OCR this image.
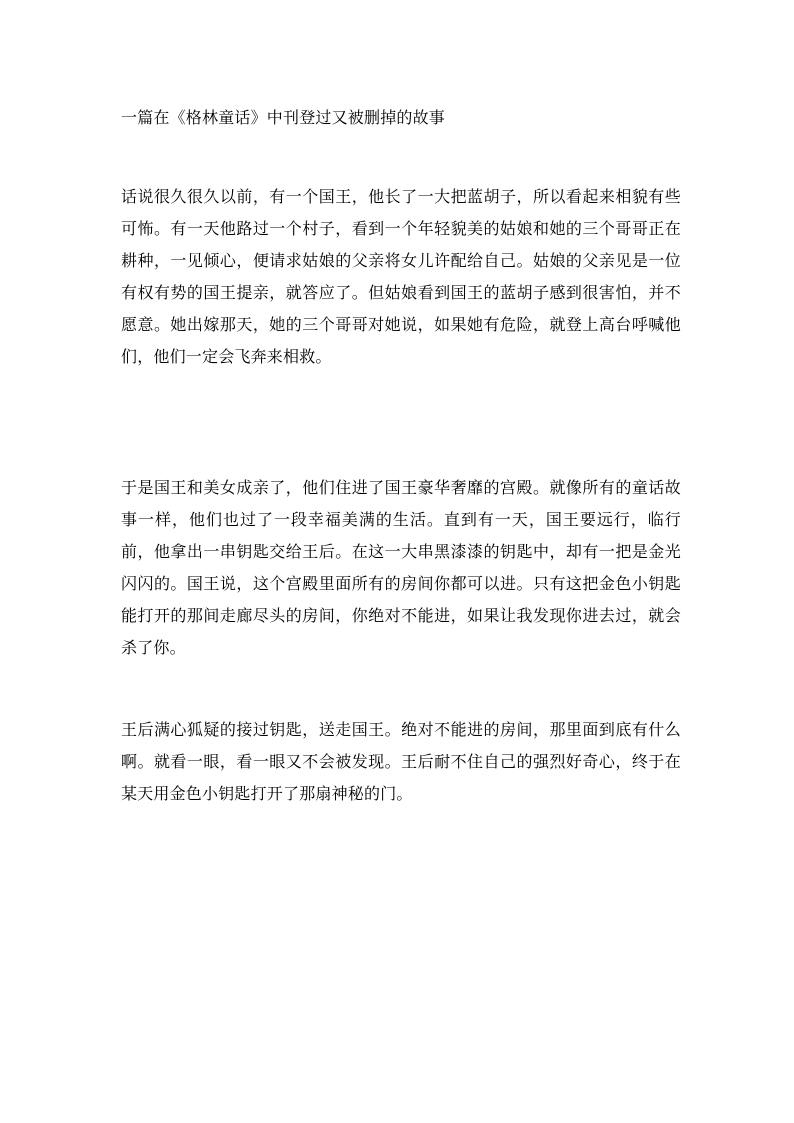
一篇在《格林童话》中刊登过又被删掉的故事

话说很久很久以前，有一个国王，他长了一大把蓝胡子，所以看起来相貌有些可怖。有一天他路过一个村子，看到一个年轻貌美的姑娘和她的三个哥哥正在耕种，一见倾心，便请求姑娘的父亲将女儿许配给自己。姑娘的父亲见是一位有权有势的国王提亲，就答应了。但姑娘看到国王的蓝胡子感到很害怕，并不愿意。她出嫁那天，她的三个哥哥对她说，如果她有危险，就登上高台呼喊他们，他们一定会飞奔来相救。

于是国王和美女成亲了，他们住进了国王豪华奢靡的宫殿。就像所有的童话故事一样，他们也过了一段幸福美满的生活。直到有一天，国王要远行，临行前，他拿出一串钥匙交给王后。在这一大串黑漆漆的钥匙中，却有一把是金光闪闪的。国王说，这个宫殿里面所有的房间你都可以进。只有这把金色小钥匙能打开的那间走廊尽头的房间，你绝对不能进，如果让我发现你进去过，就会杀了你。

王后满心狐疑的接过钥匙，送走国王。绝对不能进的房间，那里面到底有什么啊。就看一眼，看一眼又不会被发现。王后耐不住自己的强烈好奇心，终于在某天用金色小钥匙打开了那扇神秘的门。
